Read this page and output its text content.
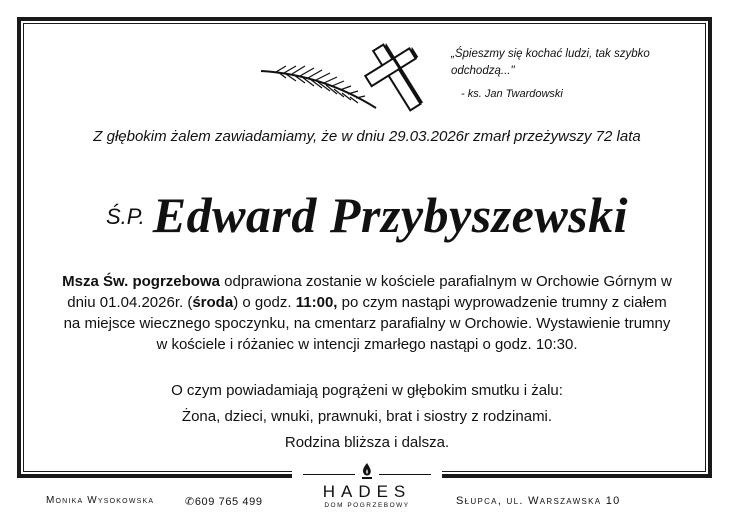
„Śpieszmy się kochać ludzi, tak szybko
odchodzą..."
- ks. Jan Twardowski
Z głębokim żalem zawiadamiamy, że w dniu 29.03.2026r zmarł przeżywszy 72 lata
Ś.P. Edward Przybyszewski
Msza Św. pogrzebowa odprawiona zostanie w kościele parafialnym w Orchowie Górnym w dniu 01.04.2026r. (środa) o godz. 11:00, po czym nastąpi wyprowadzenie trumny z ciałem na miejsce wiecznego spoczynku, na cmentarz parafialny w Orchowie. Wystawienie trumny w kościele i różaniec w intencji zmarłego nastąpi o godz. 10:30.
O czym powiadamiają pogrążeni w głębokim smutku i żalu:
Żona, dzieci, wnuki, prawnuki, brat i siostry z rodzinami.
Rodzina bliższa i dalsza.
HADES
DOM POGRZEBOWY
Monika Wysokowska	✆609 765 499	Słupca, ul. Warszawska 10
